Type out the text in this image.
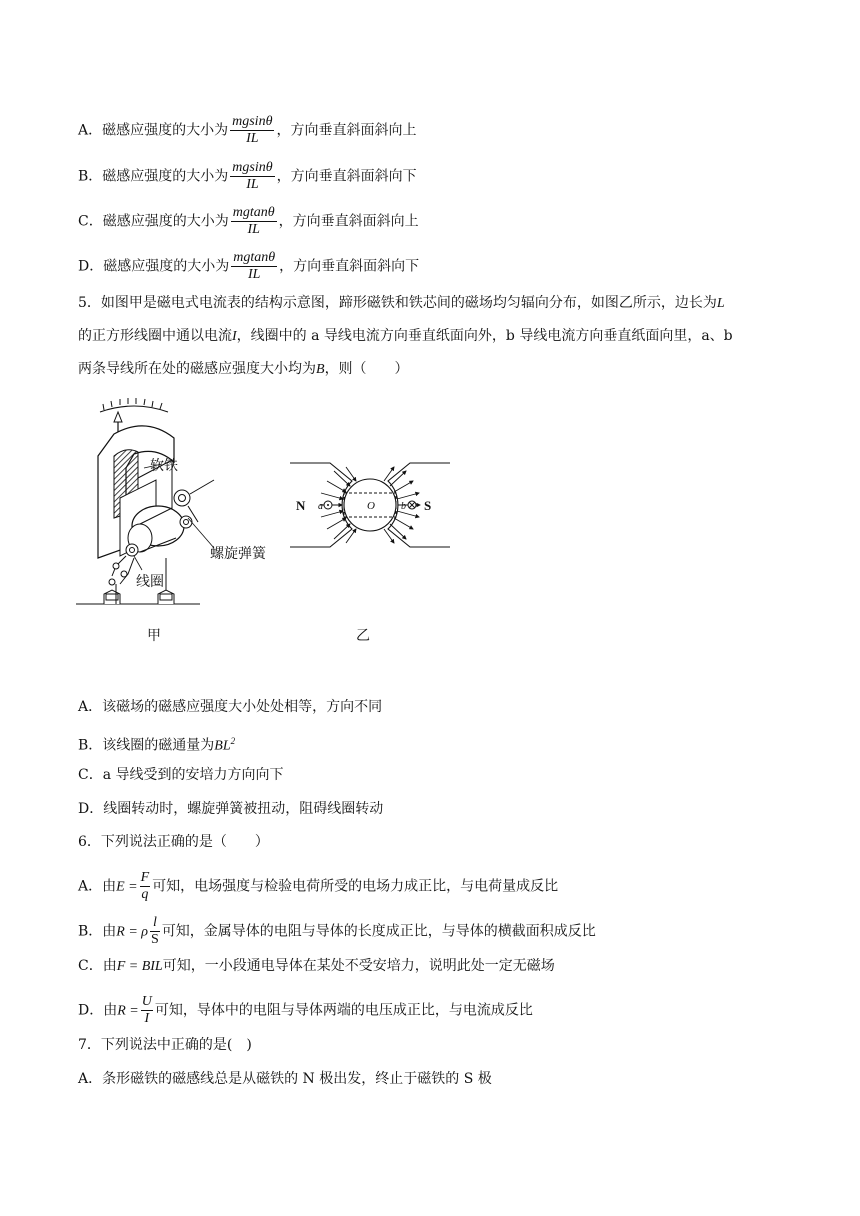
A．磁感应强度的大小为 $\frac{mgsin\theta}{IL}$ ，方向垂直斜面斜向上
B．磁感应强度的大小为 $\frac{mgsin\theta}{IL}$ ，方向垂直斜面斜向下
C．磁感应强度的大小为 $\frac{mgtan\theta}{IL}$ ，方向垂直斜面斜向上
D．磁感应强度的大小为 $\frac{mgtan\theta}{IL}$ ，方向垂直斜面斜向下
5．如图甲是磁电式电流表的结构示意图，蹄形磁铁和铁芯间的磁场均匀辐向分布，如图乙所示，边长为L
的正方形线圈中通以电流I，线圈中的 a 导线电流方向垂直纸面向外，b 导线电流方向垂直纸面向里，a、b
两条导线所在处的磁感应强度大小均为B，则（　　）
软铁
螺旋弹簧
线圈
甲
N	S
a	b
O
乙
A．该磁场的磁感应强度大小处处相等，方向不同
B．该线圈的磁通量为$BL^2$
C．a 导线受到的安培力方向向下
D．线圈转动时，螺旋弹簧被扭动，阻碍线圈转动
6．下列说法正确的是（　　）
A．由$E = \frac{F}{q}$ 可知，电场强度与检验电荷所受的电场力成正比，与电荷量成反比
B．由R = ρ $\frac{l}{S}$ 可知，金属导体的电阻与导体的长度成正比，与导体的横截面积成反比
C．由F = BIL可知，一小段通电导体在某处不受安培力，说明此处一定无磁场
D．由$R = \frac{U}{I}$ 可知，导体中的电阻与导体两端的电压成正比，与电流成反比
7．下列说法中正确的是(　)
A．条形磁铁的磁感线总是从磁铁的 N 极出发，终止于磁铁的 S 极
